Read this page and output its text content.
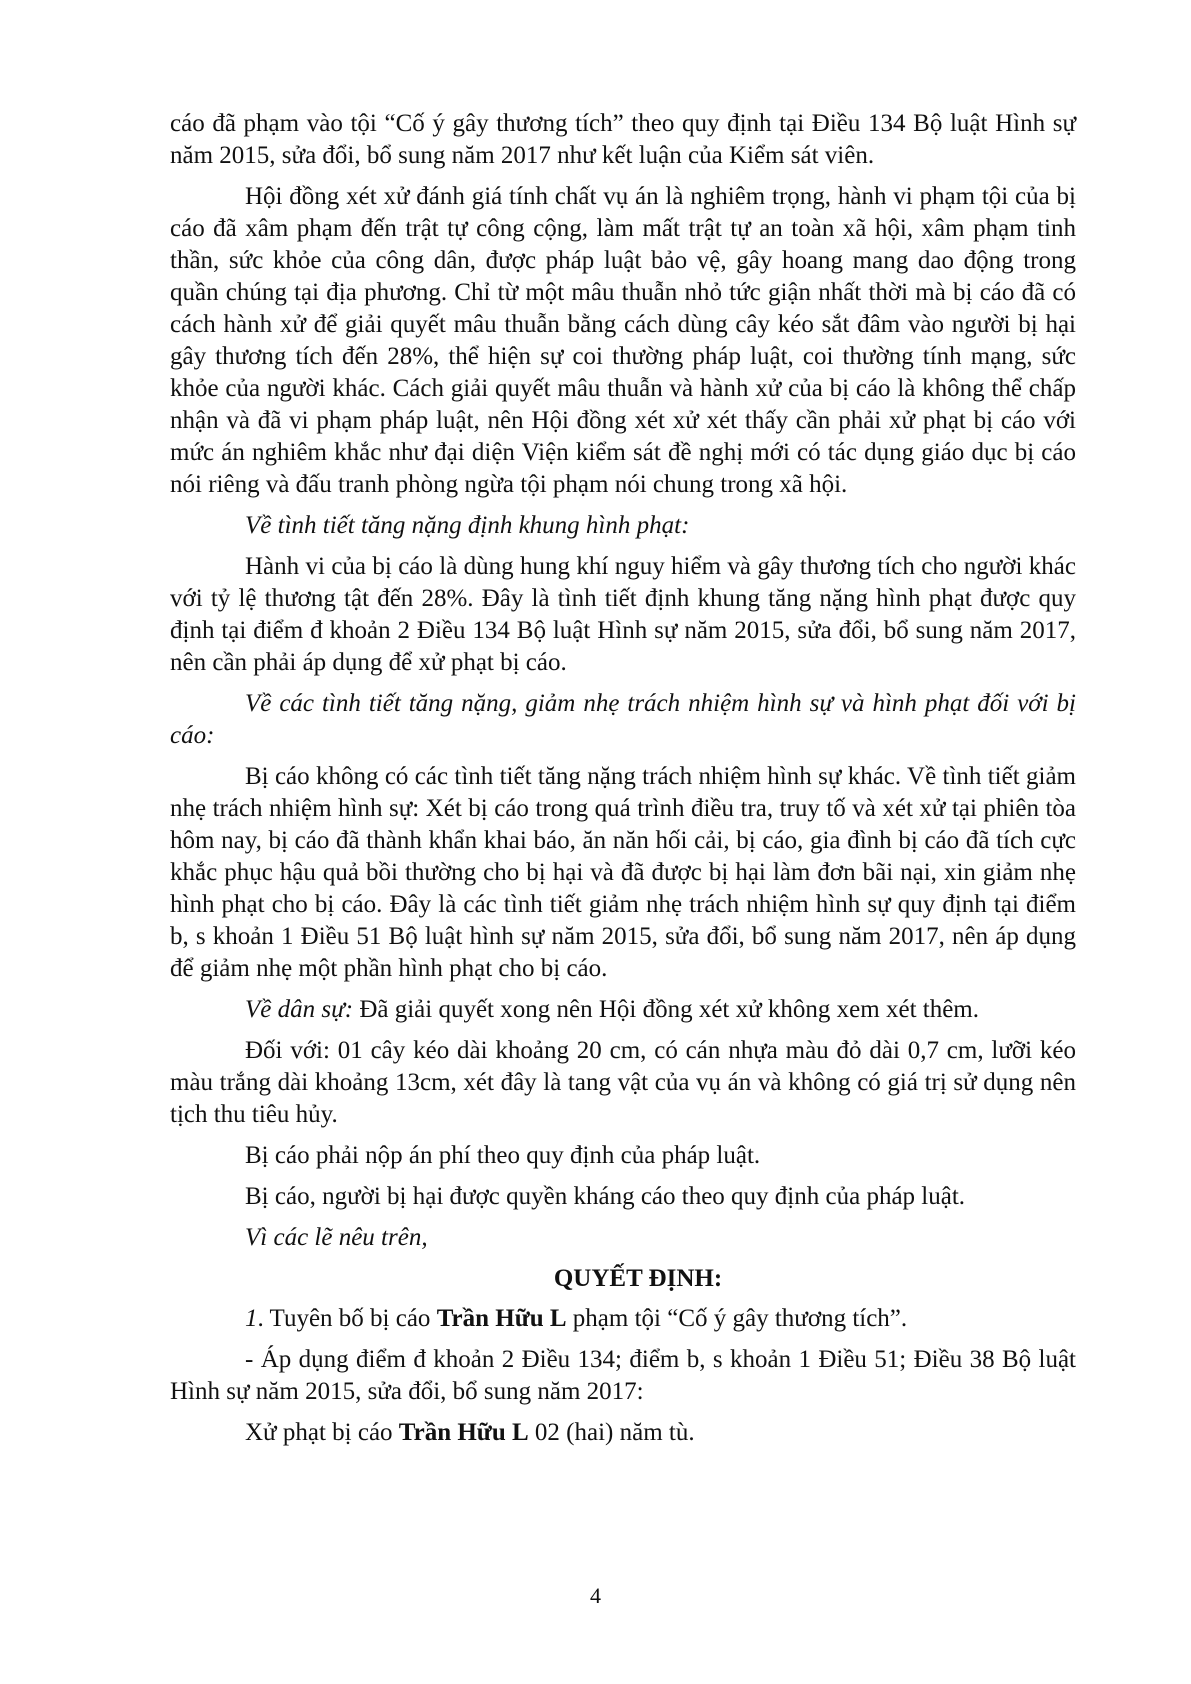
cáo đã phạm vào tội “Cố ý gây thương tích” theo quy định tại Điều 134 Bộ luật Hình sự năm 2015, sửa đổi, bổ sung năm 2017 như kết luận của Kiểm sát viên.

Hội đồng xét xử đánh giá tính chất vụ án là nghiêm trọng, hành vi phạm tội của bị cáo đã xâm phạm đến trật tự công cộng, làm mất trật tự an toàn xã hội, xâm phạm tinh thần, sức khỏe của công dân, được pháp luật bảo vệ, gây hoang mang dao động trong quần chúng tại địa phương. Chỉ từ một mâu thuẫn nhỏ tức giận nhất thời mà bị cáo đã có cách hành xử để giải quyết mâu thuẫn bằng cách dùng cây kéo sắt đâm vào người bị hại gây thương tích đến 28%, thể hiện sự coi thường pháp luật, coi thường tính mạng, sức khỏe của người khác. Cách giải quyết mâu thuẫn và hành xử của bị cáo là không thể chấp nhận và đã vi phạm pháp luật, nên Hội đồng xét xử xét thấy cần phải xử phạt bị cáo với mức án nghiêm khắc như đại diện Viện kiểm sát đề nghị mới có tác dụng giáo dục bị cáo nói riêng và đấu tranh phòng ngừa tội phạm nói chung trong xã hội.

Về tình tiết tăng nặng định khung hình phạt:

Hành vi của bị cáo là dùng hung khí nguy hiểm và gây thương tích cho người khác với tỷ lệ thương tật đến 28%. Đây là tình tiết định khung tăng nặng hình phạt được quy định tại điểm đ khoản 2 Điều 134 Bộ luật Hình sự năm 2015, sửa đổi, bổ sung năm 2017, nên cần phải áp dụng để xử phạt bị cáo.

Về các tình tiết tăng nặng, giảm nhẹ trách nhiệm hình sự và hình phạt đối với bị cáo:

Bị cáo không có các tình tiết tăng nặng trách nhiệm hình sự khác. Về tình tiết giảm nhẹ trách nhiệm hình sự: Xét bị cáo trong quá trình điều tra, truy tố và xét xử tại phiên tòa hôm nay, bị cáo đã thành khẩn khai báo, ăn năn hối cải, bị cáo, gia đình bị cáo đã tích cực khắc phục hậu quả bồi thường cho bị hại và đã được bị hại làm đơn bãi nại, xin giảm nhẹ hình phạt cho bị cáo. Đây là các tình tiết giảm nhẹ trách nhiệm hình sự quy định tại điểm b, s khoản 1 Điều 51 Bộ luật hình sự năm 2015, sửa đổi, bổ sung năm 2017, nên áp dụng để giảm nhẹ một phần hình phạt cho bị cáo.

Về dân sự: Đã giải quyết xong nên Hội đồng xét xử không xem xét thêm.

Đối với: 01 cây kéo dài khoảng 20 cm, có cán nhựa màu đỏ dài 0,7 cm, lưỡi kéo màu trắng dài khoảng 13cm, xét đây là tang vật của vụ án và không có giá trị sử dụng nên tịch thu tiêu hủy.

Bị cáo phải nộp án phí theo quy định của pháp luật.

Bị cáo, người bị hại được quyền kháng cáo theo quy định của pháp luật.

Vì các lẽ nêu trên,

QUYẾT ĐỊNH:

1. Tuyên bố bị cáo Trần Hữu L phạm tội “Cố ý gây thương tích”.

- Áp dụng điểm đ khoản 2 Điều 134; điểm b, s khoản 1 Điều 51; Điều 38 Bộ luật Hình sự năm 2015, sửa đổi, bổ sung năm 2017:

Xử phạt bị cáo Trần Hữu L 02 (hai) năm tù.

4
